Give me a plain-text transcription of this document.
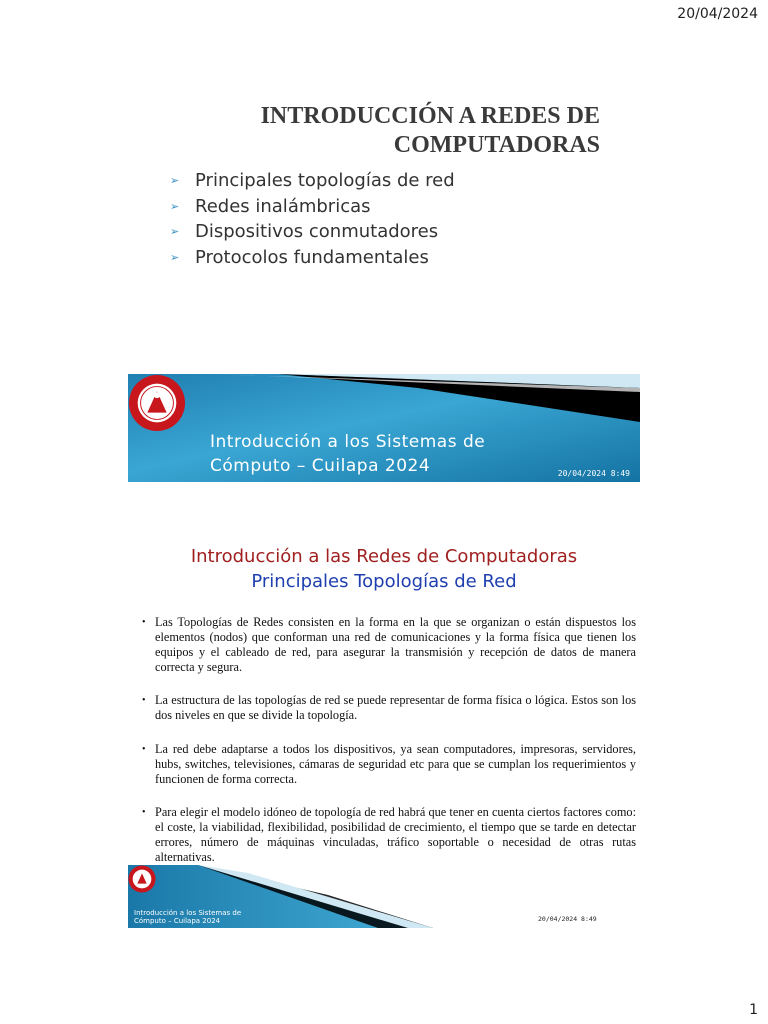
20/04/2024
INTRODUCCIÓN A REDES DE
COMPUTADORAS
➢ Principales topologías de red
➢ Redes inalámbricas
➢ Dispositivos conmutadores
➢ Protocolos fundamentales
Introducción a los Sistemas de
Cómputo – Cuilapa 2024	20/04/2024 8:49
Introducción a las Redes de Computadoras
Principales Topologías de Red
• Las Topologías de Redes consisten en la forma en la que se organizan o están dispuestos los elementos (nodos) que conforman una red de comunicaciones y la forma física que tienen los equipos y el cableado de red, para asegurar la transmisión y recepción de datos de manera correcta y segura.
• La estructura de las topologías de red se puede representar de forma física o lógica. Estos son los dos niveles en que se divide la topología.
• La red debe adaptarse a todos los dispositivos, ya sean computadores, impresoras, servidores, hubs, switches, televisiones, cámaras de seguridad etc para que se cumplan los requerimientos y funcionen de forma correcta.
• Para elegir el modelo idóneo de topología de red habrá que tener en cuenta ciertos factores como: el coste, la viabilidad, flexibilidad, posibilidad de crecimiento, el tiempo que se tarde en detectar errores, número de máquinas vinculadas, tráfico soportable o necesidad de otras rutas alternativas.
Introducción a los Sistemas de
Cómputo – Cuilapa 2024	20/04/2024 8:49
1
